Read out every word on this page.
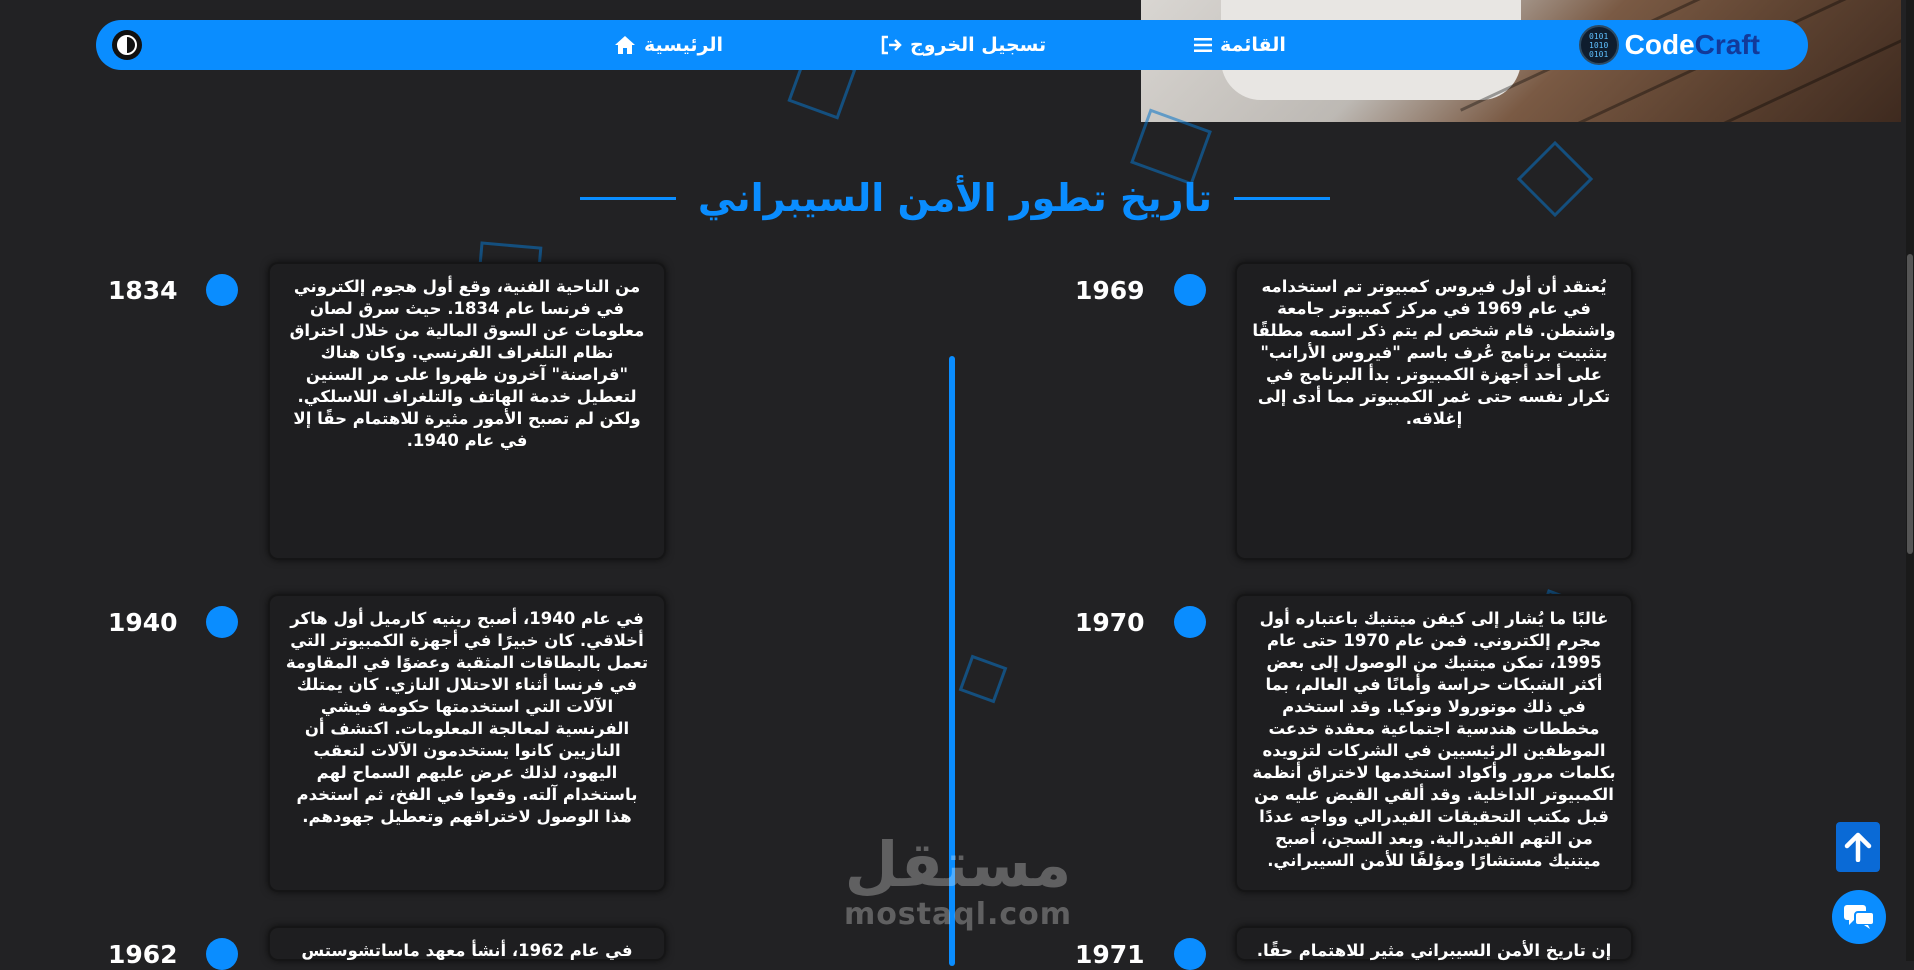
الرئيسية	تسجيل الخروج	القائمة	0101
1010
0101 CodeCraft
تاريخ تطور الأمن السيبراني
1834	من الناحية الفنية، وقع أول هجوم إلكتروني في فرنسا عام 1834. حيث سرق لصان معلومات عن السوق المالية من خلال اختراق نظام التلغراف الفرنسي. وكان هناك "قراصنة" آخرون ظهروا على مر السنين لتعطيل خدمة الهاتف والتلغراف اللاسلكي. ولكن لم تصبح الأمور مثيرة للاهتمام حقًا إلا في عام 1940.
1969	يُعتقد أن أول فيروس كمبيوتر تم استخدامه في عام 1969 في مركز كمبيوتر جامعة واشنطن. قام شخص لم يتم ذكر اسمه مطلقًا بتثبيت برنامج عُرف باسم "فيروس الأرانب" على أحد أجهزة الكمبيوتر. بدأ البرنامج في تكرار نفسه حتى غمر الكمبيوتر مما أدى إلى إغلاقه.
1940	في عام 1940، أصبح رينيه كارميل أول هاكر أخلاقي. كان خبيرًا في أجهزة الكمبيوتر التي تعمل بالبطاقات المثقبة وعضوًا في المقاومة في فرنسا أثناء الاحتلال النازي. كان يمتلك الآلات التي استخدمتها حكومة فيشي الفرنسية لمعالجة المعلومات. اكتشف أن النازيين كانوا يستخدمون الآلات لتعقب اليهود، لذلك عرض عليهم السماح لهم باستخدام آلته. وقعوا في الفخ، ثم استخدم هذا الوصول لاختراقهم وتعطيل جهودهم.
1970	غالبًا ما يُشار إلى كيفن ميتنيك باعتباره أول مجرم إلكتروني. فمن عام 1970 حتى عام 1995، تمكن ميتنيك من الوصول إلى بعض أكثر الشبكات حراسة وأمانًا في العالم، بما في ذلك موتورولا ونوكيا. وقد استخدم مخططات هندسية اجتماعية معقدة خدعت الموظفين الرئيسيين في الشركات لتزويده بكلمات مرور وأكواد استخدمها لاختراق أنظمة الكمبيوتر الداخلية. وقد ألقي القبض عليه من قبل مكتب التحقيقات الفيدرالي وواجه عددًا من التهم الفيدرالية. وبعد السجن، أصبح ميتنيك مستشارًا ومؤلفًا للأمن السيبراني.
1962	في عام 1962، أنشأ معهد ماساتشوستس	1971	إن تاريخ الأمن السيبراني مثير للاهتمام حقًا.
مستقل
mostaql.com
